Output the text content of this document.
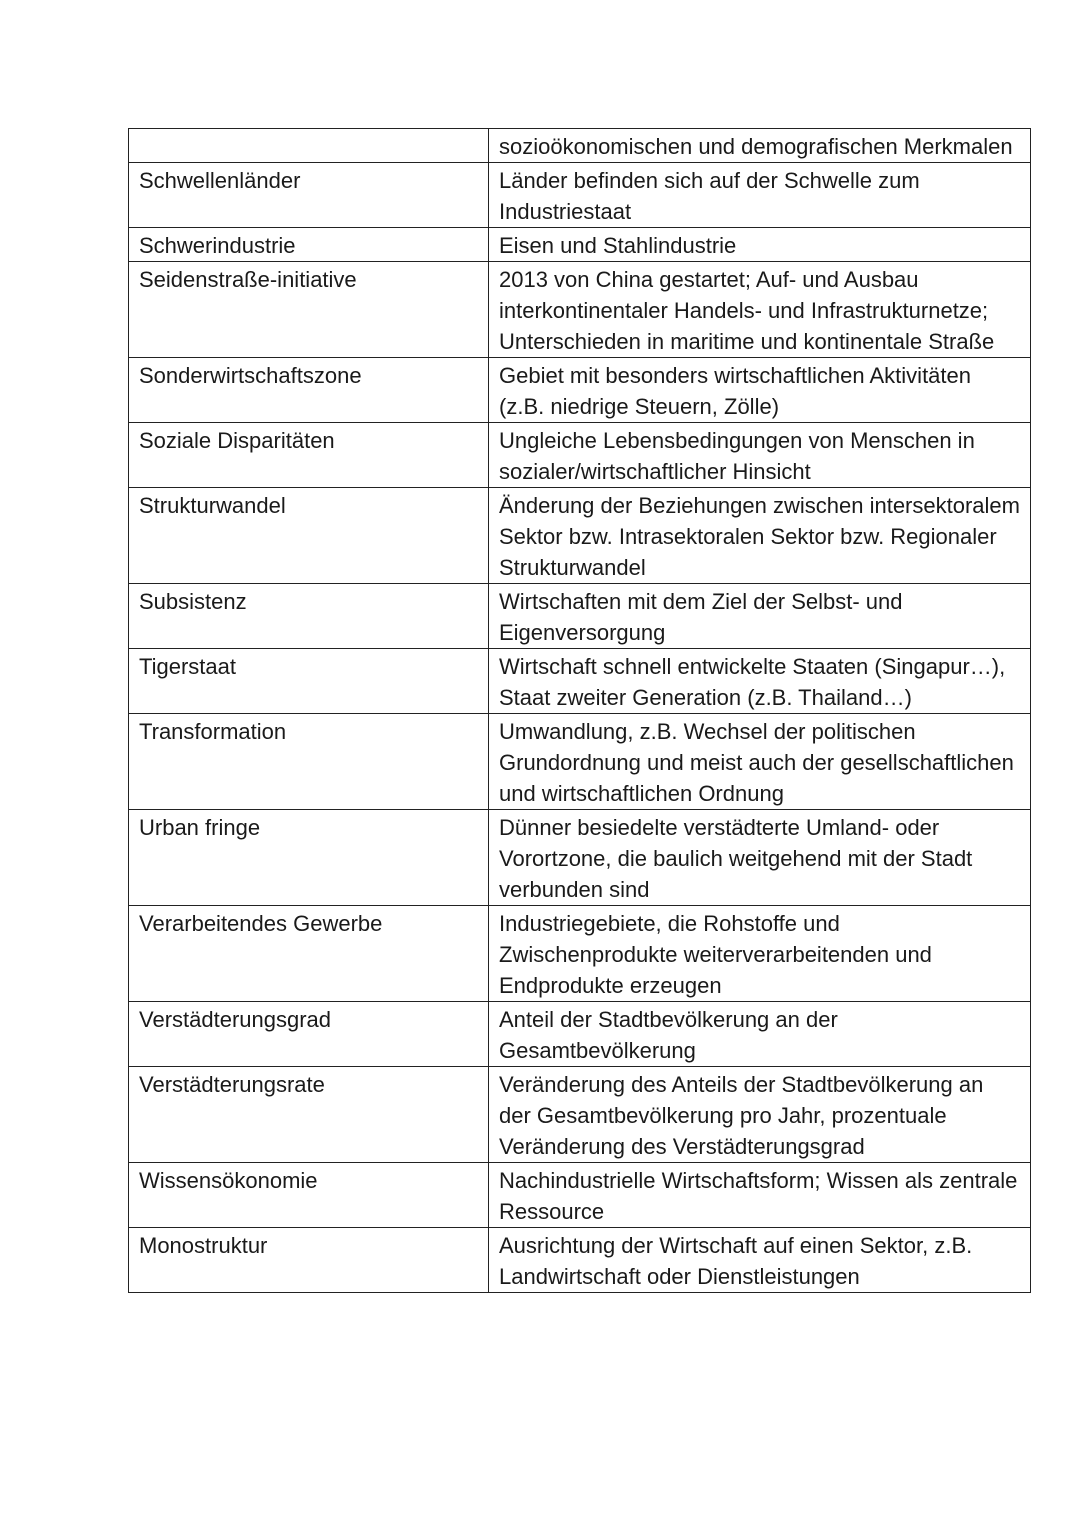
	sozioökonomischen und demografischen Merkmalen
Schwellenländer	Länder befinden sich auf der Schwelle zum Industriestaat
Schwerindustrie	Eisen und Stahlindustrie
Seidenstraße-initiative	2013 von China gestartet; Auf- und Ausbau interkontinentaler Handels- und Infrastrukturnetze; Unterschieden in maritime und kontinentale Straße
Sonderwirtschaftszone	Gebiet mit besonders wirtschaftlichen Aktivitäten (z.B. niedrige Steuern, Zölle)
Soziale Disparitäten	Ungleiche Lebensbedingungen von Menschen in sozialer/wirtschaftlicher Hinsicht
Strukturwandel	Änderung der Beziehungen zwischen intersektoralem Sektor bzw. Intrasektoralen Sektor bzw. Regionaler Strukturwandel
Subsistenz	Wirtschaften mit dem Ziel der Selbst- und Eigenversorgung
Tigerstaat	Wirtschaft schnell entwickelte Staaten (Singapur…), Staat zweiter Generation (z.B. Thailand…)
Transformation	Umwandlung, z.B. Wechsel der politischen Grundordnung und meist auch der gesellschaftlichen und wirtschaftlichen Ordnung
Urban fringe	Dünner besiedelte verstädterte Umland- oder Vorortzone, die baulich weitgehend mit der Stadt verbunden sind
Verarbeitendes Gewerbe	Industriegebiete, die Rohstoffe und Zwischenprodukte weiterverarbeitenden und Endprodukte erzeugen
Verstädterungsgrad	Anteil der Stadtbevölkerung an der Gesamtbevölkerung
Verstädterungsrate	Veränderung des Anteils der Stadtbevölkerung an der Gesamtbevölkerung pro Jahr, prozentuale Veränderung des Verstädterungsgrad
Wissensökonomie	Nachindustrielle Wirtschaftsform; Wissen als zentrale Ressource
Monostruktur	Ausrichtung der Wirtschaft auf einen Sektor, z.B. Landwirtschaft oder Dienstleistungen
